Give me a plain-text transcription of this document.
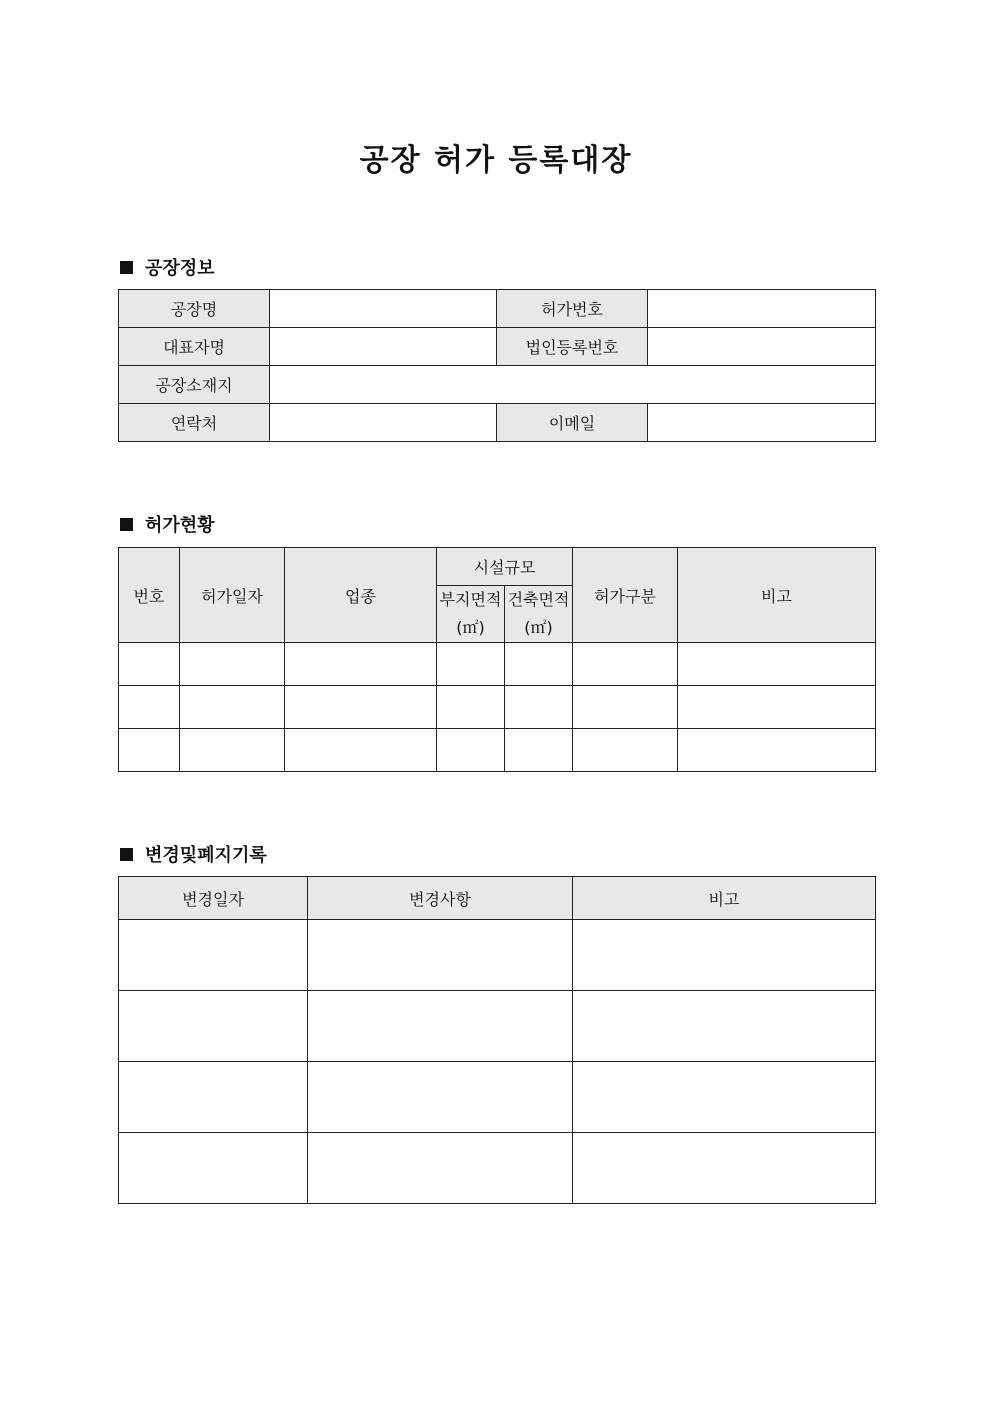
공장 허가 등록대장
공장정보
공장명		허가번호	
대표자명		법인등록번호	
공장소재지			
연락처		이메일	
허가현황
번호	허가일자	업종	시설규모		허가구분	비고
			부지면적(㎡)	건축면적(㎡)		

변경및폐지기록
변경일자	변경사항	비고
